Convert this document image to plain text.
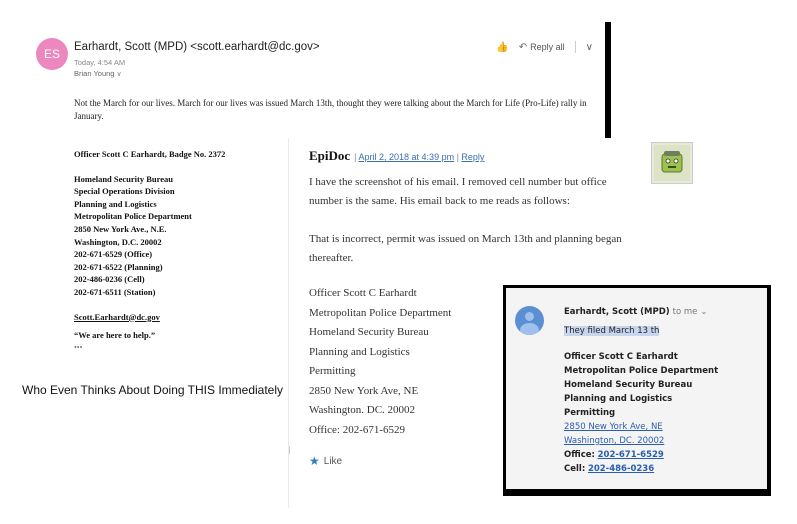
ES	Earhardt, Scott (MPD) <scott.earhardt@dc.gov>
Today, 4:54 AM
Brian Young ∨
👍 ↶ Reply all ∨
Not the March for our lives. March for our lives was issued March 13th, thought they were talking about the March for Life (Pro-Life) rally in January.
Officer Scott C Earhardt, Badge No. 2372
Homeland Security Bureau
Special Operations Division
Planning and Logistics
Metropolitan Police Department
2850 New York Ave., N.E.
Washington, D.C. 20002
202-671-6529 (Office)
202-671-6522 (Planning)
202-486-0236 (Cell)
202-671-6511 (Station)
Scott.Earhardt@dc.gov
“We are here to help.”
•••
Who Even Thinks About Doing THIS Immediately
EpiDoc | April 2, 2018 at 4:39 pm | Reply

I have the screenshot of his email. I removed cell number but office number is the same. His email back to me reads as follows:

That is incorrect, permit was issued on March 13th and planning began thereafter.

Officer Scott C Earhardt
Metropolitan Police Department
Homeland Security Bureau
Planning and Logistics
Permitting
2850 New York Ave, NE
Washington. DC. 20002
Office: 202-671-6529
★ Like
Earhardt, Scott (MPD) to me ⌄
They filed March 13 th
Officer Scott C Earhardt
Metropolitan Police Department
Homeland Security Bureau
Planning and Logistics
Permitting
2850 New York Ave, NE
Washington, DC. 20002
Office: 202-671-6529
Cell: 202-486-0236
